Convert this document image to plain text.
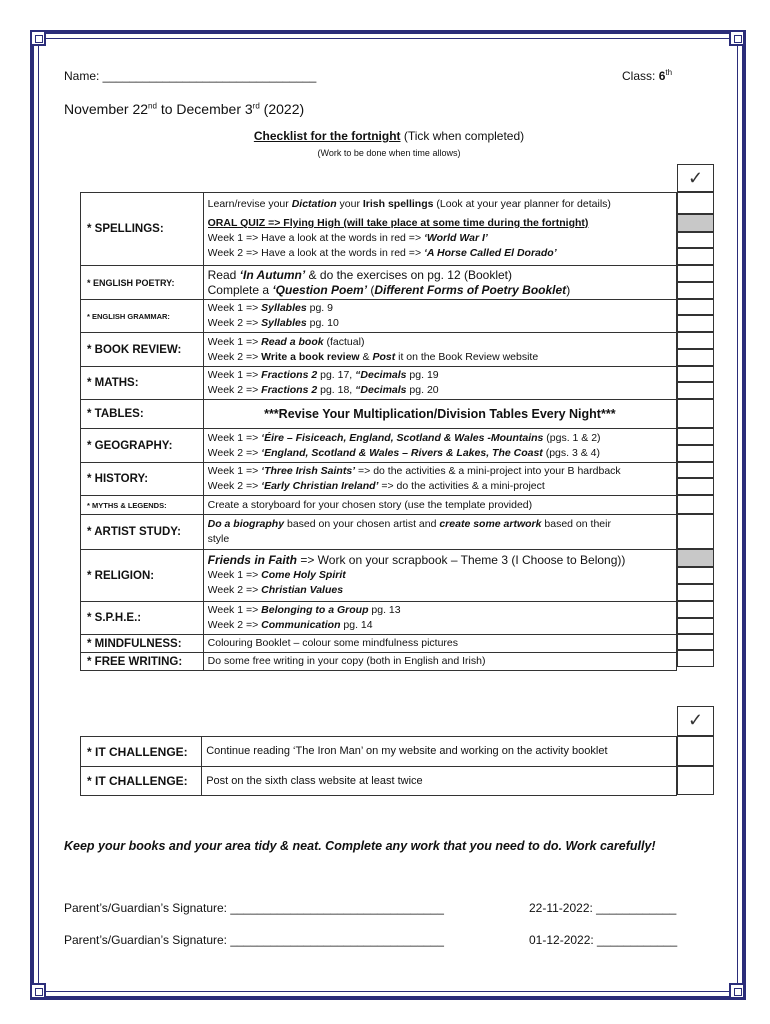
Name: ________________________________	Class: 6th
November 22nd to December 3rd (2022)
Checklist for the fortnight (Tick when completed)
(Work to be done when time allows)
✓
* SPELLINGS:	Learn/revise your Dictation your Irish spellings (Look at your year planner for details)
ORAL QUIZ => Flying High (will take place at some time during the fortnight)
Week 1 => Have a look at the words in red => ‘World War I’
Week 2 => Have a look at the words in red => ‘A Horse Called El Dorado’

* ENGLISH POETRY:	Read ‘In Autumn’ & do the exercises on pg. 12 (Booklet)
Complete a ‘Question Poem’ (Different Forms of Poetry Booklet)

* ENGLISH GRAMMAR:	Week 1 => Syllables pg. 9
Week 2 => Syllables pg. 10

* BOOK REVIEW:	Week 1 => Read a book (factual)
Week 2 => Write a book review & Post it on the Book Review website

* MATHS:	Week 1 => Fractions 2 pg. 17, “Decimals pg. 19
Week 2 => Fractions 2 pg. 18, “Decimals pg. 20

* TABLES:	***Revise Your Multiplication/Division Tables Every Night***
* GEOGRAPHY:	Week 1 => ‘Éire – Fisiceach, England, Scotland & Wales -Mountains (pgs. 1 & 2)
Week 2 => ‘England, Scotland & Wales – Rivers & Lakes, The Coast (pgs. 3 & 4)

* HISTORY:	Week 1 => ‘Three Irish Saints’ => do the activities & a mini-project into your B hardback
Week 2 => ‘Early Christian Ireland’ => do the activities & a mini-project

* MYTHS & LEGENDS:	Create a storyboard for your chosen story (use the template provided)
* ARTIST STUDY:	Do a biography based on your chosen artist and create some artwork based on their
style

* RELIGION:	Friends in Faith => Work on your scrapbook – Theme 3 (I Choose to Belong))
Week 1 => Come Holy Spirit
Week 2 => Christian Values

* S.P.H.E.:	Week 1 => Belonging to a Group pg. 13
Week 2 => Communication pg. 14

* MINDFULNESS:	Colouring Booklet – colour some mindfulness pictures
* FREE WRITING:	Do some free writing in your copy (both in English and Irish)
✓
* IT CHALLENGE:	Continue reading ‘The Iron Man’ on my website and working on the activity booklet
* IT CHALLENGE:	Post on the sixth class website at least twice
Keep your books and your area tidy & neat. Complete any work that you need to do. Work carefully!
Parent’s/Guardian’s Signature: ________________________________	22-11-2022: ____________
Parent’s/Guardian’s Signature: ________________________________	01-12-2022: ____________
